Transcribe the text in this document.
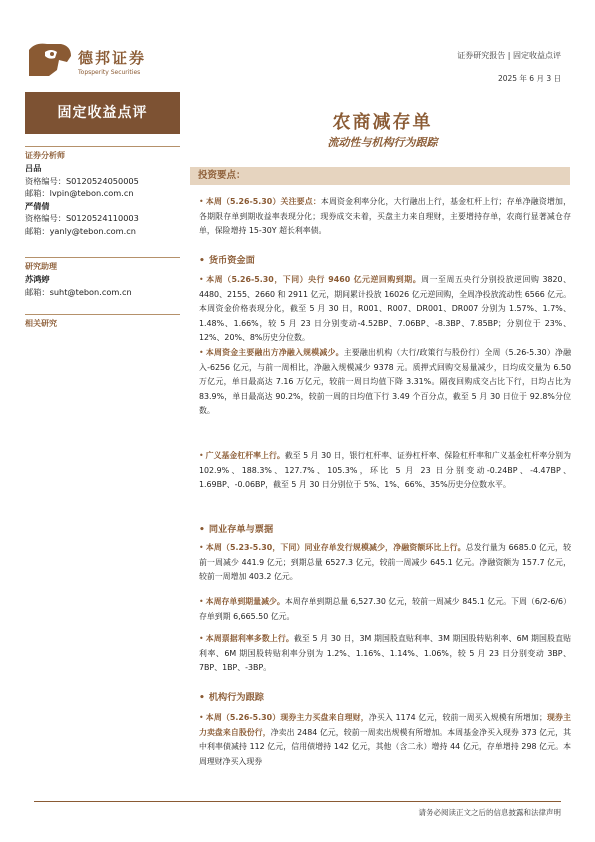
德邦证券
Topsperity Securities
证券研究报告 | 固定收益点评
2025 年 6 月 3 日
固定收益点评
证券分析师
吕品
资格编号：S0120524050005
邮箱：lvpin@tebon.com.cn
严倩倩
资格编号：S0120524110003
邮箱：yanly@tebon.com.cn
研究助理
苏鸿婷
邮箱：suht@tebon.com.cn
相关研究
农商减存单
流动性与机构行为跟踪
投资要点：
• 本周（5.26-5.30）关注要点：本周资金利率分化，大行融出上行，基金杠杆上行；存单净融资增加，各期限存单到期收益率表现分化；现券成交未着，买盘主力来自理财，主要增持存单，农商行显著减仓存单，保险增持 15-30Y 超长利率债。
• 货币资金面
• 本周（5.26-5.30，下同）央行 9460 亿元逆回购到期。周一至周五央行分别投放逆回购 3820、4480、2155、2660 和 2911 亿元，期间累计投放 16026 亿元逆回购，全周净投放流动性 6566 亿元。本周资金价格表现分化，截至 5 月 30 日，R001、R007、DR001、DR007 分别为 1.57%、1.7%、1.48%、1.66%，较 5 月 23 日分别变动-4.52BP、7.06BP、-8.3BP、7.85BP；分别位于 23%、12%、20%、8%历史分位数。
• 本周资金主要融出方净融入规模减少。主要融出机构（大行/政策行与股份行）全周（5.26-5.30）净融入-6256 亿元，与前一周相比，净融入规模减少 9378 元。质押式回购交易量减少，日均成交量为 6.50 万亿元，单日最高达 7.16 万亿元，较前一周日均值下降 3.31%。隔夜回购成交占比下行，日均占比为 83.9%，单日最高达 90.2%，较前一周的日均值下行 3.49 个百分点，截至 5 月 30 日位于 92.8%分位数。
• 广义基金杠杆率上行。截至 5 月 30 日，银行杠杆率、证券杠杆率、保险杠杆率和广义基金杠杆率分别为 102.9%、188.3%、127.7%、105.3%，环比 5 月 23 日分别变动-0.24BP、-4.47BP、1.69BP、-0.06BP，截至 5 月 30 日分别位于 5%、1%、66%、35%历史分位数水平。
• 同业存单与票据
• 本周（5.23-5.30，下同）同业存单发行规模减少，净融资额环比上行。总发行量为 6685.0 亿元，较前一周减少 441.9 亿元；到期总量 6527.3 亿元，较前一周减少 645.1 亿元。净融资额为 157.7 亿元，较前一周增加 403.2 亿元。
• 本周存单到期量减少。本周存单到期总量 6,527.30 亿元，较前一周减少 845.1 亿元。下周（6/2-6/6）存单到期 6,665.50 亿元。
• 本周票据利率多数上行。截至 5 月 30 日，3M 期国股直贴利率、3M 期国股转贴利率、6M 期国股直贴利率、6M 期国股转贴利率分别为 1.2%、1.16%、1.14%、1.06%，较 5 月 23 日分别变动 3BP、7BP、1BP、-3BP。
• 机构行为跟踪
• 本周（5.26-5.30）现券主力买盘来自理财，净买入 1174 亿元，较前一周买入规模有所增加；现券主力卖盘来自股份行，净卖出 2484 亿元，较前一周卖出规模有所增加。本周基金净买入现券 373 亿元，其中利率债减持 112 亿元，信用债增持 142 亿元，其他（含二永）增持 44 亿元，存单增持 298 亿元。本周理财净买入现券
请务必阅读正文之后的信息披露和法律声明
